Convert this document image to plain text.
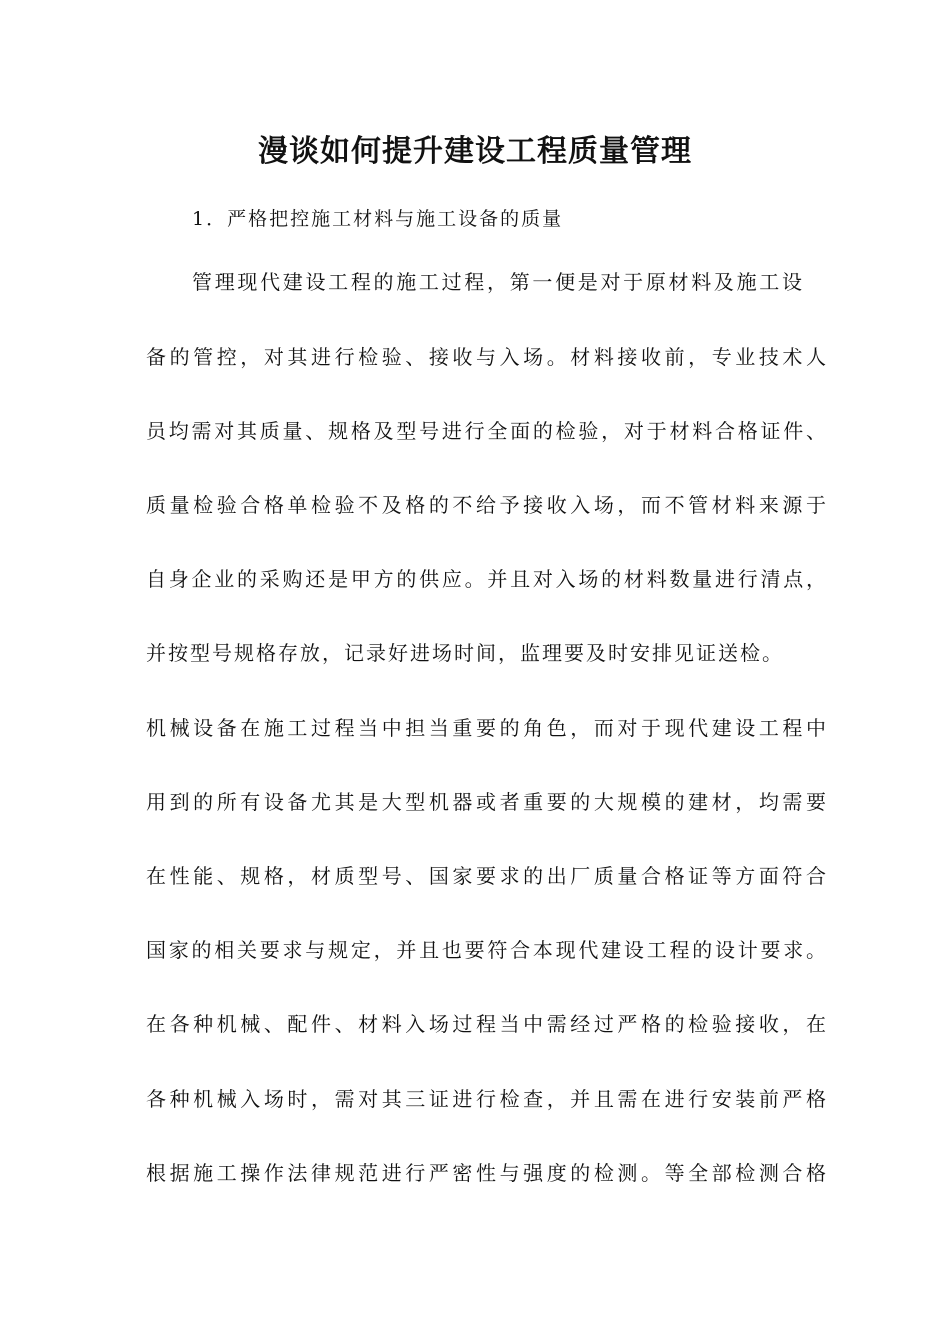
漫谈如何提升建设工程质量管理

1．严格把控施工材料与施工设备的质量

管理现代建设工程的施工过程，第一便是对于原材料及施工设

备的管控，对其进行检验、接收与入场。材料接收前，专业技术人

员均需对其质量、规格及型号进行全面的检验，对于材料合格证件、

质量检验合格单检验不及格的不给予接收入场，而不管材料来源于

自身企业的采购还是甲方的供应。并且对入场的材料数量进行清点，

并按型号规格存放，记录好进场时间，监理要及时安排见证送检。

机械设备在施工过程当中担当重要的角色，而对于现代建设工程中

用到的所有设备尤其是大型机器或者重要的大规模的建材，均需要

在性能、规格，材质型号、国家要求的出厂质量合格证等方面符合

国家的相关要求与规定，并且也要符合本现代建设工程的设计要求。

在各种机械、配件、材料入场过程当中需经过严格的检验接收，在

各种机械入场时，需对其三证进行检查，并且需在进行安装前严格

根据施工操作法律规范进行严密性与强度的检测。等全部检测合格
